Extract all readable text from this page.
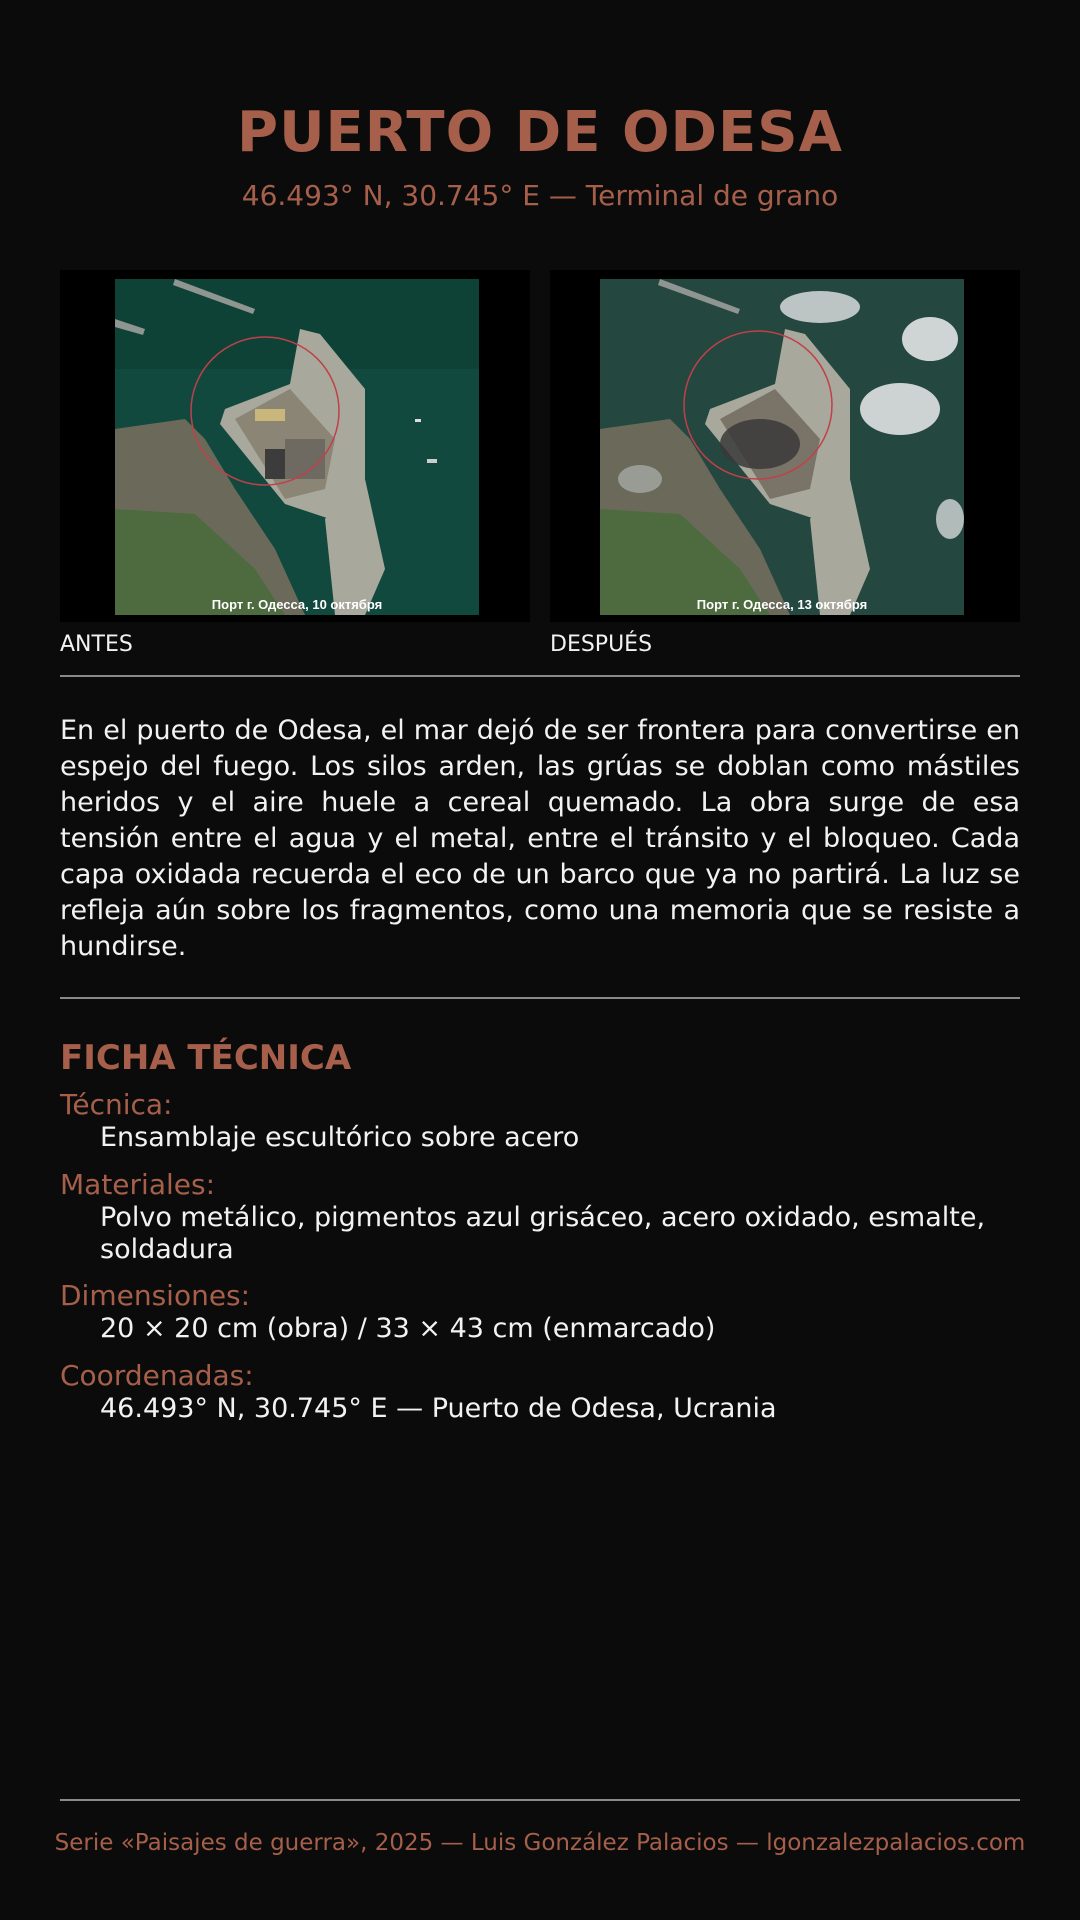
PUERTO DE ODESA
46.493° N, 30.745° E — Terminal de grano
Порт г. Одесса, 10 октября	Порт г. Одесса, 13 октября
ANTES	DESPUÉS

En el puerto de Odesa, el mar dejó de ser frontera para convertirse en espejo del fuego. Los silos arden, las grúas se doblan como mástiles heridos y el aire huele a cereal quemado. La obra surge de esa tensión entre el agua y el metal, entre el tránsito y el bloqueo. Cada capa oxidada recuerda el eco de un barco que ya no partirá. La luz se refleja aún sobre los fragmentos, como una memoria que se resiste a hundirse.

FICHA TÉCNICA
Técnica:
Ensamblaje escultórico sobre acero
Materiales:
Polvo metálico, pigmentos azul grisáceo, acero oxidado, esmalte, soldadura
Dimensiones:
20 × 20 cm (obra) / 33 × 43 cm (enmarcado)
Coordenadas:
46.493° N, 30.745° E — Puerto de Odesa, Ucrania
Serie «Paisajes de guerra», 2025 — Luis González Palacios — lgonzalezpalacios.com
